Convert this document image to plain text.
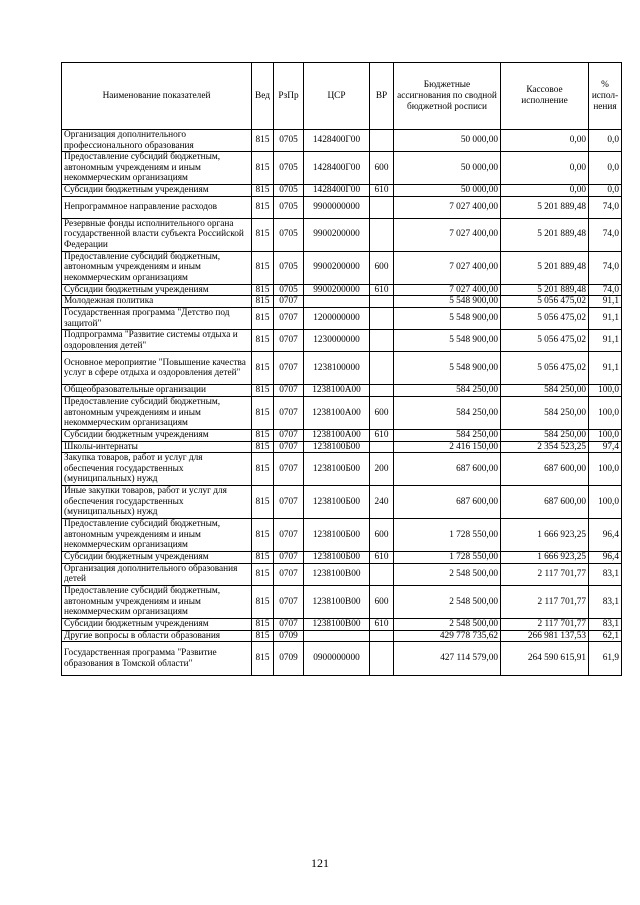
Наименование показателей	Вед	РзПр	ЦСР	ВР	Бюджетные ассигнования по сводной бюджетной росписи	Кассовое исполнение	% испол- нения
Организация дополнительного профессионального образования	815	0705	1428400Г00		50 000,00	0,00	0,0
Предоставление субсидий бюджетным, автономным учреждениям и иным некоммерческим организациям	815	0705	1428400Г00	600	50 000,00	0,00	0,0
Субсидии бюджетным учреждениям	815	0705	1428400Г00	610	50 000,00	0,00	0,0
Непрограммное направление расходов	815	0705	9900000000		7 027 400,00	5 201 889,48	74,0
Резервные фонды исполнительного органа государственной власти субъекта Российской Федерации	815	0705	9900200000		7 027 400,00	5 201 889,48	74,0
Предоставление субсидий бюджетным, автономным учреждениям и иным некоммерческим организациям	815	0705	9900200000	600	7 027 400,00	5 201 889,48	74,0
Субсидии бюджетным учреждениям	815	0705	9900200000	610	7 027 400,00	5 201 889,48	74,0
Молодежная политика	815	0707			5 548 900,00	5 056 475,02	91,1
Государственная программа "Детство под защитой"	815	0707	1200000000		5 548 900,00	5 056 475,02	91,1
Подпрограмма "Развитие системы отдыха и оздоровления детей"	815	0707	1230000000		5 548 900,00	5 056 475,02	91,1
Основное мероприятие "Повышение качества услуг в сфере отдыха и оздоровления детей"	815	0707	1238100000		5 548 900,00	5 056 475,02	91,1
Общеобразовательные организации	815	0707	1238100А00		584 250,00	584 250,00	100,0
Предоставление субсидий бюджетным, автономным учреждениям и иным некоммерческим организациям	815	0707	1238100А00	600	584 250,00	584 250,00	100,0
Субсидии бюджетным учреждениям	815	0707	1238100А00	610	584 250,00	584 250,00	100,0
Школы-интернаты	815	0707	1238100Б00		2 416 150,00	2 354 523,25	97,4
Закупка товаров, работ и услуг для обеспечения государственных (муниципальных) нужд	815	0707	1238100Б00	200	687 600,00	687 600,00	100,0
Иные закупки товаров, работ и услуг для обеспечения государственных (муниципальных) нужд	815	0707	1238100Б00	240	687 600,00	687 600,00	100,0
Предоставление субсидий бюджетным, автономным учреждениям и иным некоммерческим организациям	815	0707	1238100Б00	600	1 728 550,00	1 666 923,25	96,4
Субсидии бюджетным учреждениям	815	0707	1238100Б00	610	1 728 550,00	1 666 923,25	96,4
Организация дополнительного образования детей	815	0707	1238100В00		2 548 500,00	2 117 701,77	83,1
Предоставление субсидий бюджетным, автономным учреждениям и иным некоммерческим организациям	815	0707	1238100В00	600	2 548 500,00	2 117 701,77	83,1
Субсидии бюджетным учреждениям	815	0707	1238100В00	610	2 548 500,00	2 117 701,77	83,1
Другие вопросы в области образования	815	0709			429 778 735,62	266 981 137,53	62,1
Государственная программа "Развитие образования в Томской области"	815	0709	0900000000		427 114 579,00	264 590 615,91	61,9
121
